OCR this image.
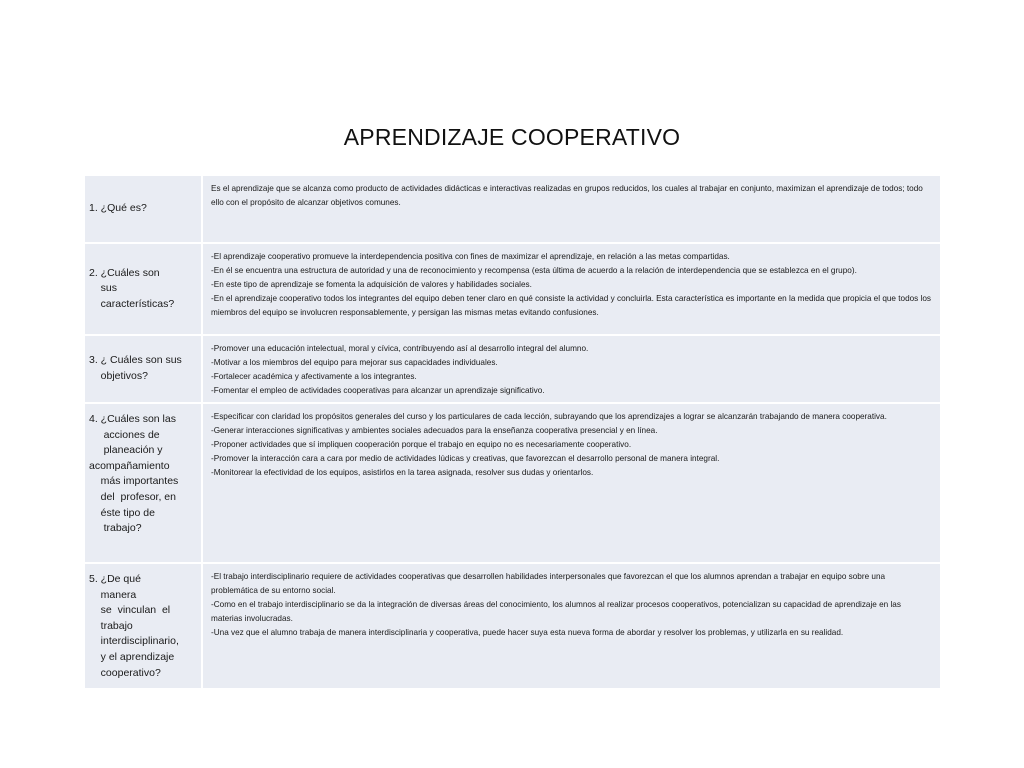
APRENDIZAJE COOPERATIVO
1. ¿Qué es?
Es el aprendizaje que se alcanza como producto de actividades didácticas e interactivas realizadas en grupos reducidos, los cuales al trabajar en conjunto, maximizan el aprendizaje de todos; todo ello con el propósito de alcanzar objetivos comunes.
2. ¿Cuáles son
sus
características?
-El aprendizaje cooperativo promueve la interdependencia positiva con fines de maximizar el aprendizaje, en relación a las metas compartidas.
-En él se encuentra una estructura de autoridad y una de reconocimiento y recompensa (esta última de acuerdo a la relación de interdependencia que se establezca en el grupo).
-En este tipo de aprendizaje se fomenta la adquisición de valores y habilidades sociales.
-En el aprendizaje cooperativo todos los integrantes del equipo deben tener claro en qué consiste la actividad y concluirla. Esta característica es importante en la medida que propicia el que todos los miembros del equipo se involucren responsablemente, y persigan las mismas metas evitando confusiones.
3. ¿ Cuáles son sus
objetivos?
-Promover una educación intelectual, moral y cívica, contribuyendo así al desarrollo integral del alumno.
-Motivar a los miembros del equipo para mejorar sus capacidades individuales.
-Fortalecer académica y afectivamente a los integrantes.
-Fomentar el empleo de actividades cooperativas para alcanzar un aprendizaje significativo.
4. ¿Cuáles son las
acciones de
planeación y
acompañamiento
más importantes
del  profesor, en
éste tipo de
trabajo?
-Especificar con claridad los propósitos generales del curso y los particulares de cada lección, subrayando que los aprendizajes a lograr se alcanzarán trabajando de manera cooperativa.
-Generar interacciones significativas y ambientes sociales adecuados para la enseñanza cooperativa presencial y en línea.
-Proponer actividades que sí impliquen cooperación porque el trabajo en equipo no es necesariamente cooperativo.
-Promover la interacción cara a cara por medio de actividades lúdicas y creativas, que favorezcan el desarrollo personal de manera integral.
-Monitorear la efectividad de los equipos, asistirlos en la tarea asignada, resolver sus dudas y orientarlos.
5. ¿De qué
manera
se  vinculan  el
trabajo
interdisciplinario,
y el aprendizaje
cooperativo?
-El trabajo interdisciplinario requiere de actividades cooperativas que desarrollen habilidades interpersonales que favorezcan el que los alumnos aprendan a trabajar en equipo sobre una problemática de su entorno social.
-Como en el trabajo interdisciplinario se da la integración de diversas áreas del conocimiento, los alumnos al realizar procesos cooperativos, potencializan su capacidad de aprendizaje en las materias involucradas.
-Una vez que el alumno trabaja de manera interdisciplinaria y cooperativa, puede hacer suya esta nueva forma de abordar y resolver los problemas, y utilizarla en su realidad.
